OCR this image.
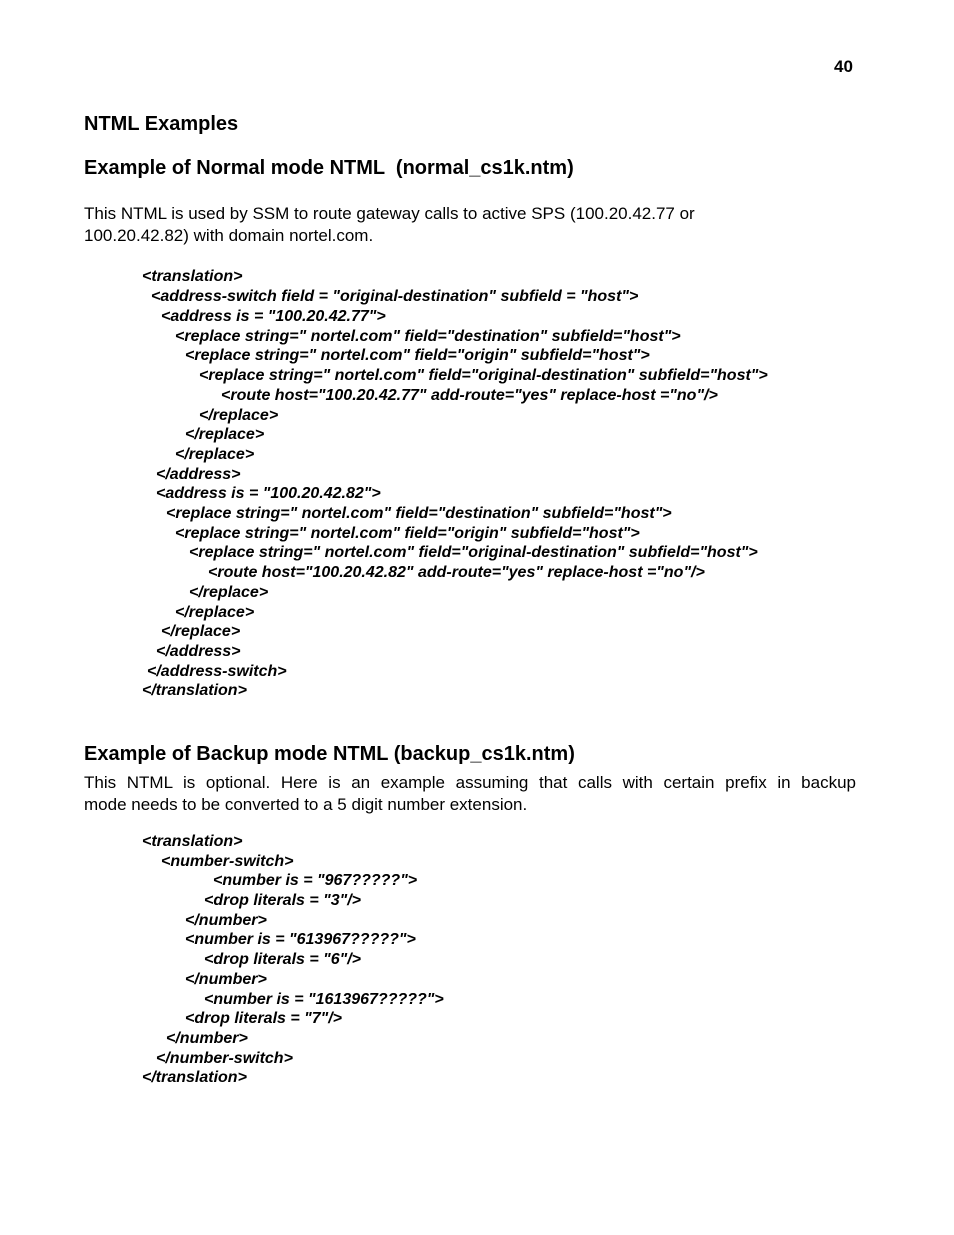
40
NTML Examples
Example of Normal mode NTML  (normal_cs1k.ntm)
This NTML is used by SSM to route gateway calls to active SPS (100.20.42.77 or
100.20.42.82) with domain nortel.com.
<translation>
<address-switch field = "original-destination" subfield = "host">
<address is = "100.20.42.77">
<replace string=" nortel.com" field="destination" subfield="host">
<replace string=" nortel.com" field="origin" subfield="host">
<replace string=" nortel.com" field="original-destination" subfield="host">
<route host="100.20.42.77" add-route="yes" replace-host ="no"/>
</replace>
</replace>
</replace>
</address>
<address is = "100.20.42.82">
<replace string=" nortel.com" field="destination" subfield="host">
<replace string=" nortel.com" field="origin" subfield="host">
<replace string=" nortel.com" field="original-destination" subfield="host">
<route host="100.20.42.82" add-route="yes" replace-host ="no"/>
</replace>
</replace>
</replace>
</address>
</address-switch>
</translation>
Example of Backup mode NTML (backup_cs1k.ntm)
This NTML is optional. Here is an example assuming that calls with certain prefix in backup
mode needs to be converted to a 5 digit number extension.
<translation>
<number-switch>
<number is = "967?????">
<drop literals = "3"/>
</number>
<number is = "613967?????">
<drop literals = "6"/>
</number>
<number is = "1613967?????">
<drop literals = "7"/>
</number>
</number-switch>
</translation>
